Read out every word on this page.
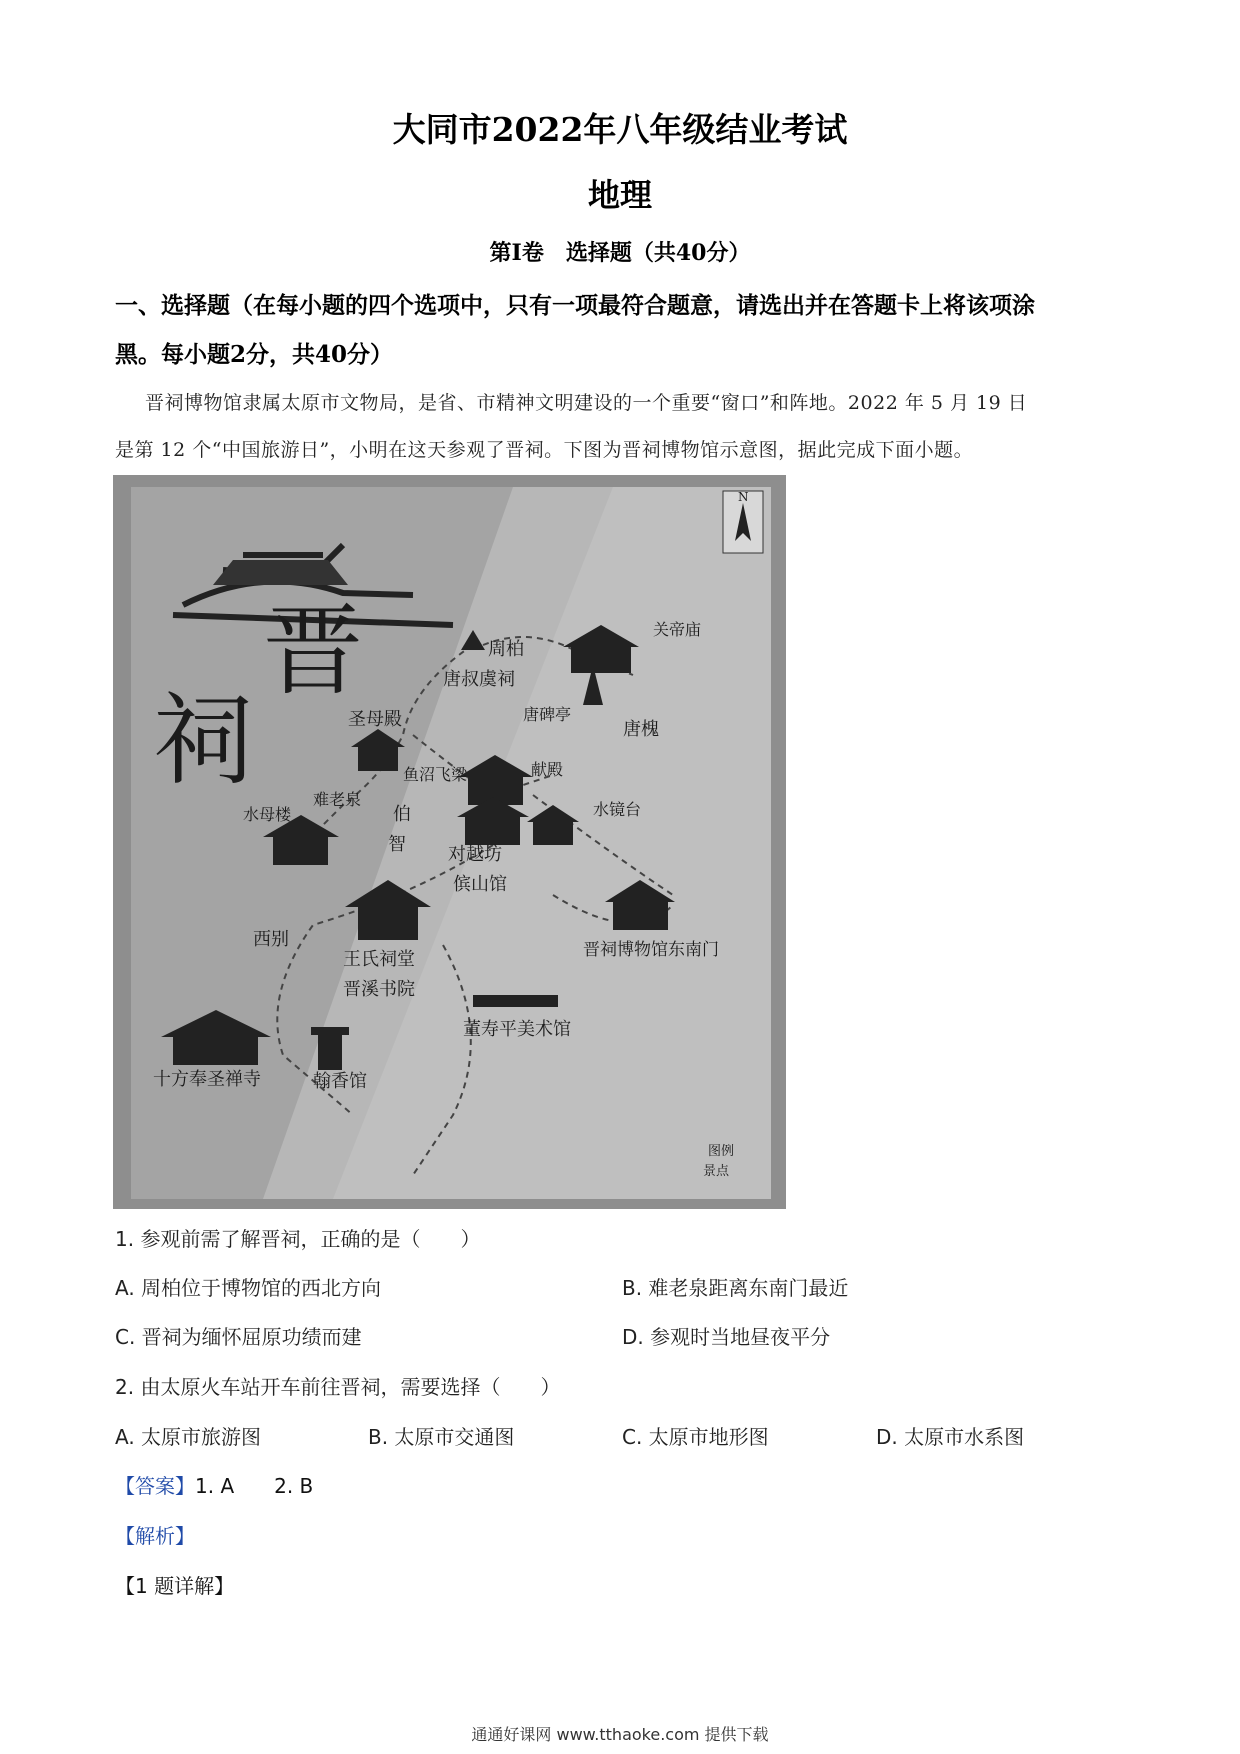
大同市2022年八年级结业考试
地理
第Ⅰ卷　选择题（共40分）
一、选择题（在每小题的四个选项中，只有一项最符合题意，请选出并在答题卡上将该项涂
黑。每小题2分，共40分）
晋祠博物馆隶属太原市文物局，是省、市精神文明建设的一个重要“窗口”和阵地。2022 年 5 月 19 日
是第 12 个“中国旅游日”，小明在这天参观了晋祠。下图为晋祠博物馆示意图，据此完成下面小题。
晋
祠
N
周柏
唐叔虞祠
关帝庙
圣母殿	唐碑亭
唐槐
鱼沼飞梁	献殿
难老泉
伯
智
水镜台
水母楼
对越坊
傧山馆
晋祠博物馆东南门
西别
王氏祠堂
晋溪书院
董寿平美术馆
十方奉圣禅寺	翰香馆
图例
景点
1. 参观前需了解晋祠，正确的是（　　）
A. 周柏位于博物馆的西北方向	B. 难老泉距离东南门最近
C. 晋祠为缅怀屈原功绩而建	D. 参观时当地昼夜平分
2. 由太原火车站开车前往晋祠，需要选择（　　）
A. 太原市旅游图	B. 太原市交通图	C. 太原市地形图	D. 太原市水系图
【答案】1. A　　2. B
【解析】
【1 题详解】
通通好课网 www.tthaoke.com 提供下载
